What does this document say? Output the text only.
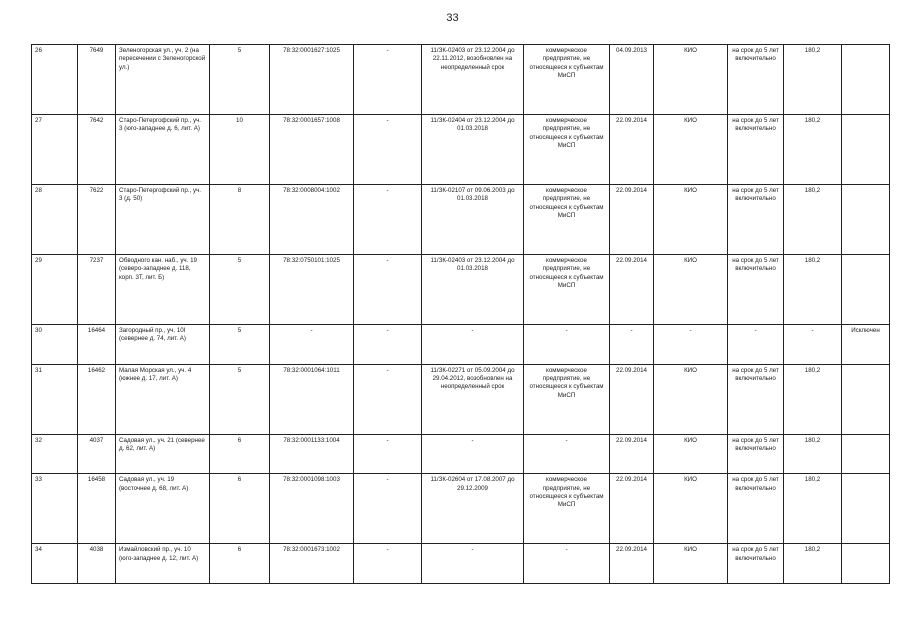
33
26	7649	Зеленогорская ул., уч. 2 (на пересечении с Зеленогорской ул.)	5	78:32:0001627:1025	-	11/ЗК-02403 от 23.12.2004 до 22.11.2012, возобновлен на неопределенный срок	коммерческое предприятие, не относящееся к субъектам МиСП	04.09.2013	КИО	на срок до 5 лет включительно	180,2	
27	7642	Старо-Петергофский пр., уч. 3 (юго-западнее д. 6, лит. А)	10	78:32:0001657:1008	-	11/ЗК-02404 от 23.12.2004 до 01.03.2018	коммерческое предприятие, не относящееся к субъектам МиСП	22.09.2014	КИО	на срок до 5 лет включительно	180,2	
28	7622	Старо-Петергофский пр., уч. 3 (д. 50)	8	78:32:0008004:1002	-	11/ЗК-02107 от 09.06.2003 до 01.03.2018	коммерческое предприятие, не относящееся к субъектам МиСП	22.09.2014	КИО	на срок до 5 лет включительно	180,2	
29	7237	Обводного кан. наб., уч. 19 (северо-западнее д. 118, корп. 3Т, лит. Б)	5	78:32:0750101:1025	-	11/ЗК-02403 от 23.12.2004 до 01.03.2018	коммерческое предприятие, не относящееся к субъектам МиСП	22.09.2014	КИО	на срок до 5 лет включительно	180,2	
30	16464	Загородный пр., уч. 10I (севернее д. 74, лит. А)	5	-	-	-	-	-	-	-	-	Исключен
31	16462	Малая Морская ул., уч. 4 (южнее д. 17, лит. А)	5	78:32:0001064:1011	-	11/ЗК-02271 от 05.09.2004 до 29.04.2012, возобновлен на неопределенный срок	коммерческое предприятие, не относящееся к субъектам МиСП	22.09.2014	КИО	на срок до 5 лет включительно	180,2	
32	4037	Садовая ул., уч. 21 (севернее д. 62, лит. А)	6	78:32:0001133:1004	-	-	-	22.09.2014	КИО	на срок до 5 лет включительно	180,2	
33	16458	Садовая ул., уч. 19 (восточнее д. 68, лит. А)	6	78:32:0001098:1003	-	11/ЗК-02604 от 17.08.2007 до 29.12.2009	коммерческое предприятие, не относящееся к субъектам МиСП	22.09.2014	КИО	на срок до 5 лет включительно	180,2	
34	4038	Измайловский пр., уч. 10 (юго-западнее д. 12, лит. А)	6	78:32:0001673:1002	-	-	-	22.09.2014	КИО	на срок до 5 лет включительно	180,2	
